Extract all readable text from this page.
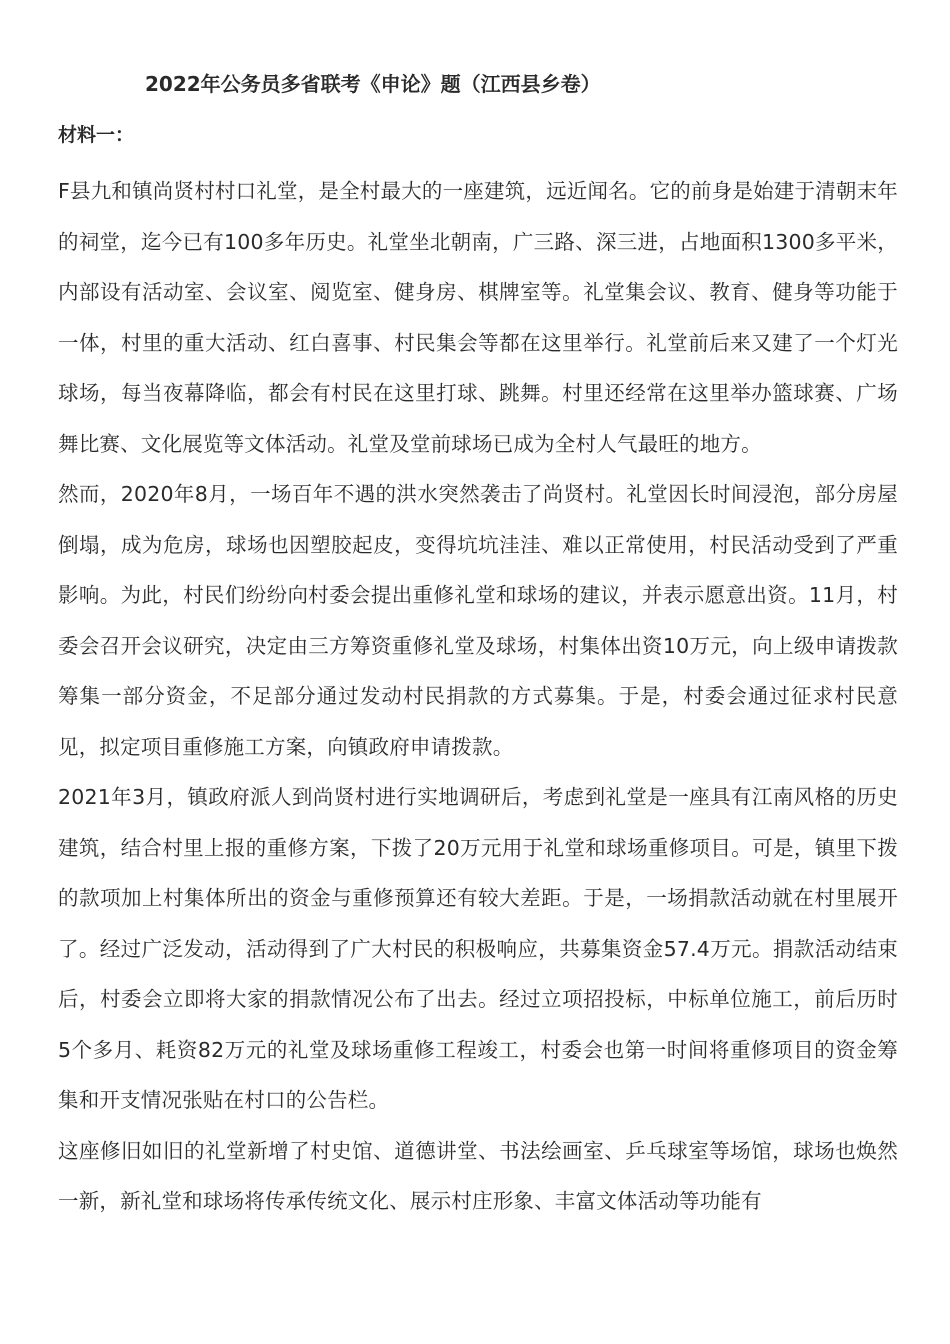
2022年公务员多省联考《申论》题（江西县乡卷）
材料一：

F县九和镇尚贤村村口礼堂，是全村最大的一座建筑，远近闻名。它的前身是始建于清朝末年的祠堂，迄今已有100多年历史。礼堂坐北朝南，广三路、深三进，占地面积1300多平米，内部设有活动室、会议室、阅览室、健身房、棋牌室等。礼堂集会议、教育、健身等功能于一体，村里的重大活动、红白喜事、村民集会等都在这里举行。礼堂前后来又建了一个灯光球场，每当夜幕降临，都会有村民在这里打球、跳舞。村里还经常在这里举办篮球赛、广场舞比赛、文化展览等文体活动。礼堂及堂前球场已成为全村人气最旺的地方。

然而，2020年8月，一场百年不遇的洪水突然袭击了尚贤村。礼堂因长时间浸泡，部分房屋倒塌，成为危房，球场也因塑胶起皮，变得坑坑洼洼、难以正常使用，村民活动受到了严重影响。为此，村民们纷纷向村委会提出重修礼堂和球场的建议，并表示愿意出资。11月，村委会召开会议研究，决定由三方筹资重修礼堂及球场，村集体出资10万元，向上级申请拨款筹集一部分资金，不足部分通过发动村民捐款的方式募集。于是，村委会通过征求村民意见，拟定项目重修施工方案，向镇政府申请拨款。

2021年3月，镇政府派人到尚贤村进行实地调研后，考虑到礼堂是一座具有江南风格的历史建筑，结合村里上报的重修方案，下拨了20万元用于礼堂和球场重修项目。可是，镇里下拨的款项加上村集体所出的资金与重修预算还有较大差距。于是，一场捐款活动就在村里展开了。经过广泛发动，活动得到了广大村民的积极响应，共募集资金57.4万元。捐款活动结束后，村委会立即将大家的捐款情况公布了出去。经过立项招投标，中标单位施工，前后历时5个多月、耗资82万元的礼堂及球场重修工程竣工，村委会也第一时间将重修项目的资金筹集和开支情况张贴在村口的公告栏。

这座修旧如旧的礼堂新增了村史馆、道德讲堂、书法绘画室、乒乓球室等场馆，球场也焕然一新，新礼堂和球场将传承传统文化、展示村庄形象、丰富文体活动等功能有
